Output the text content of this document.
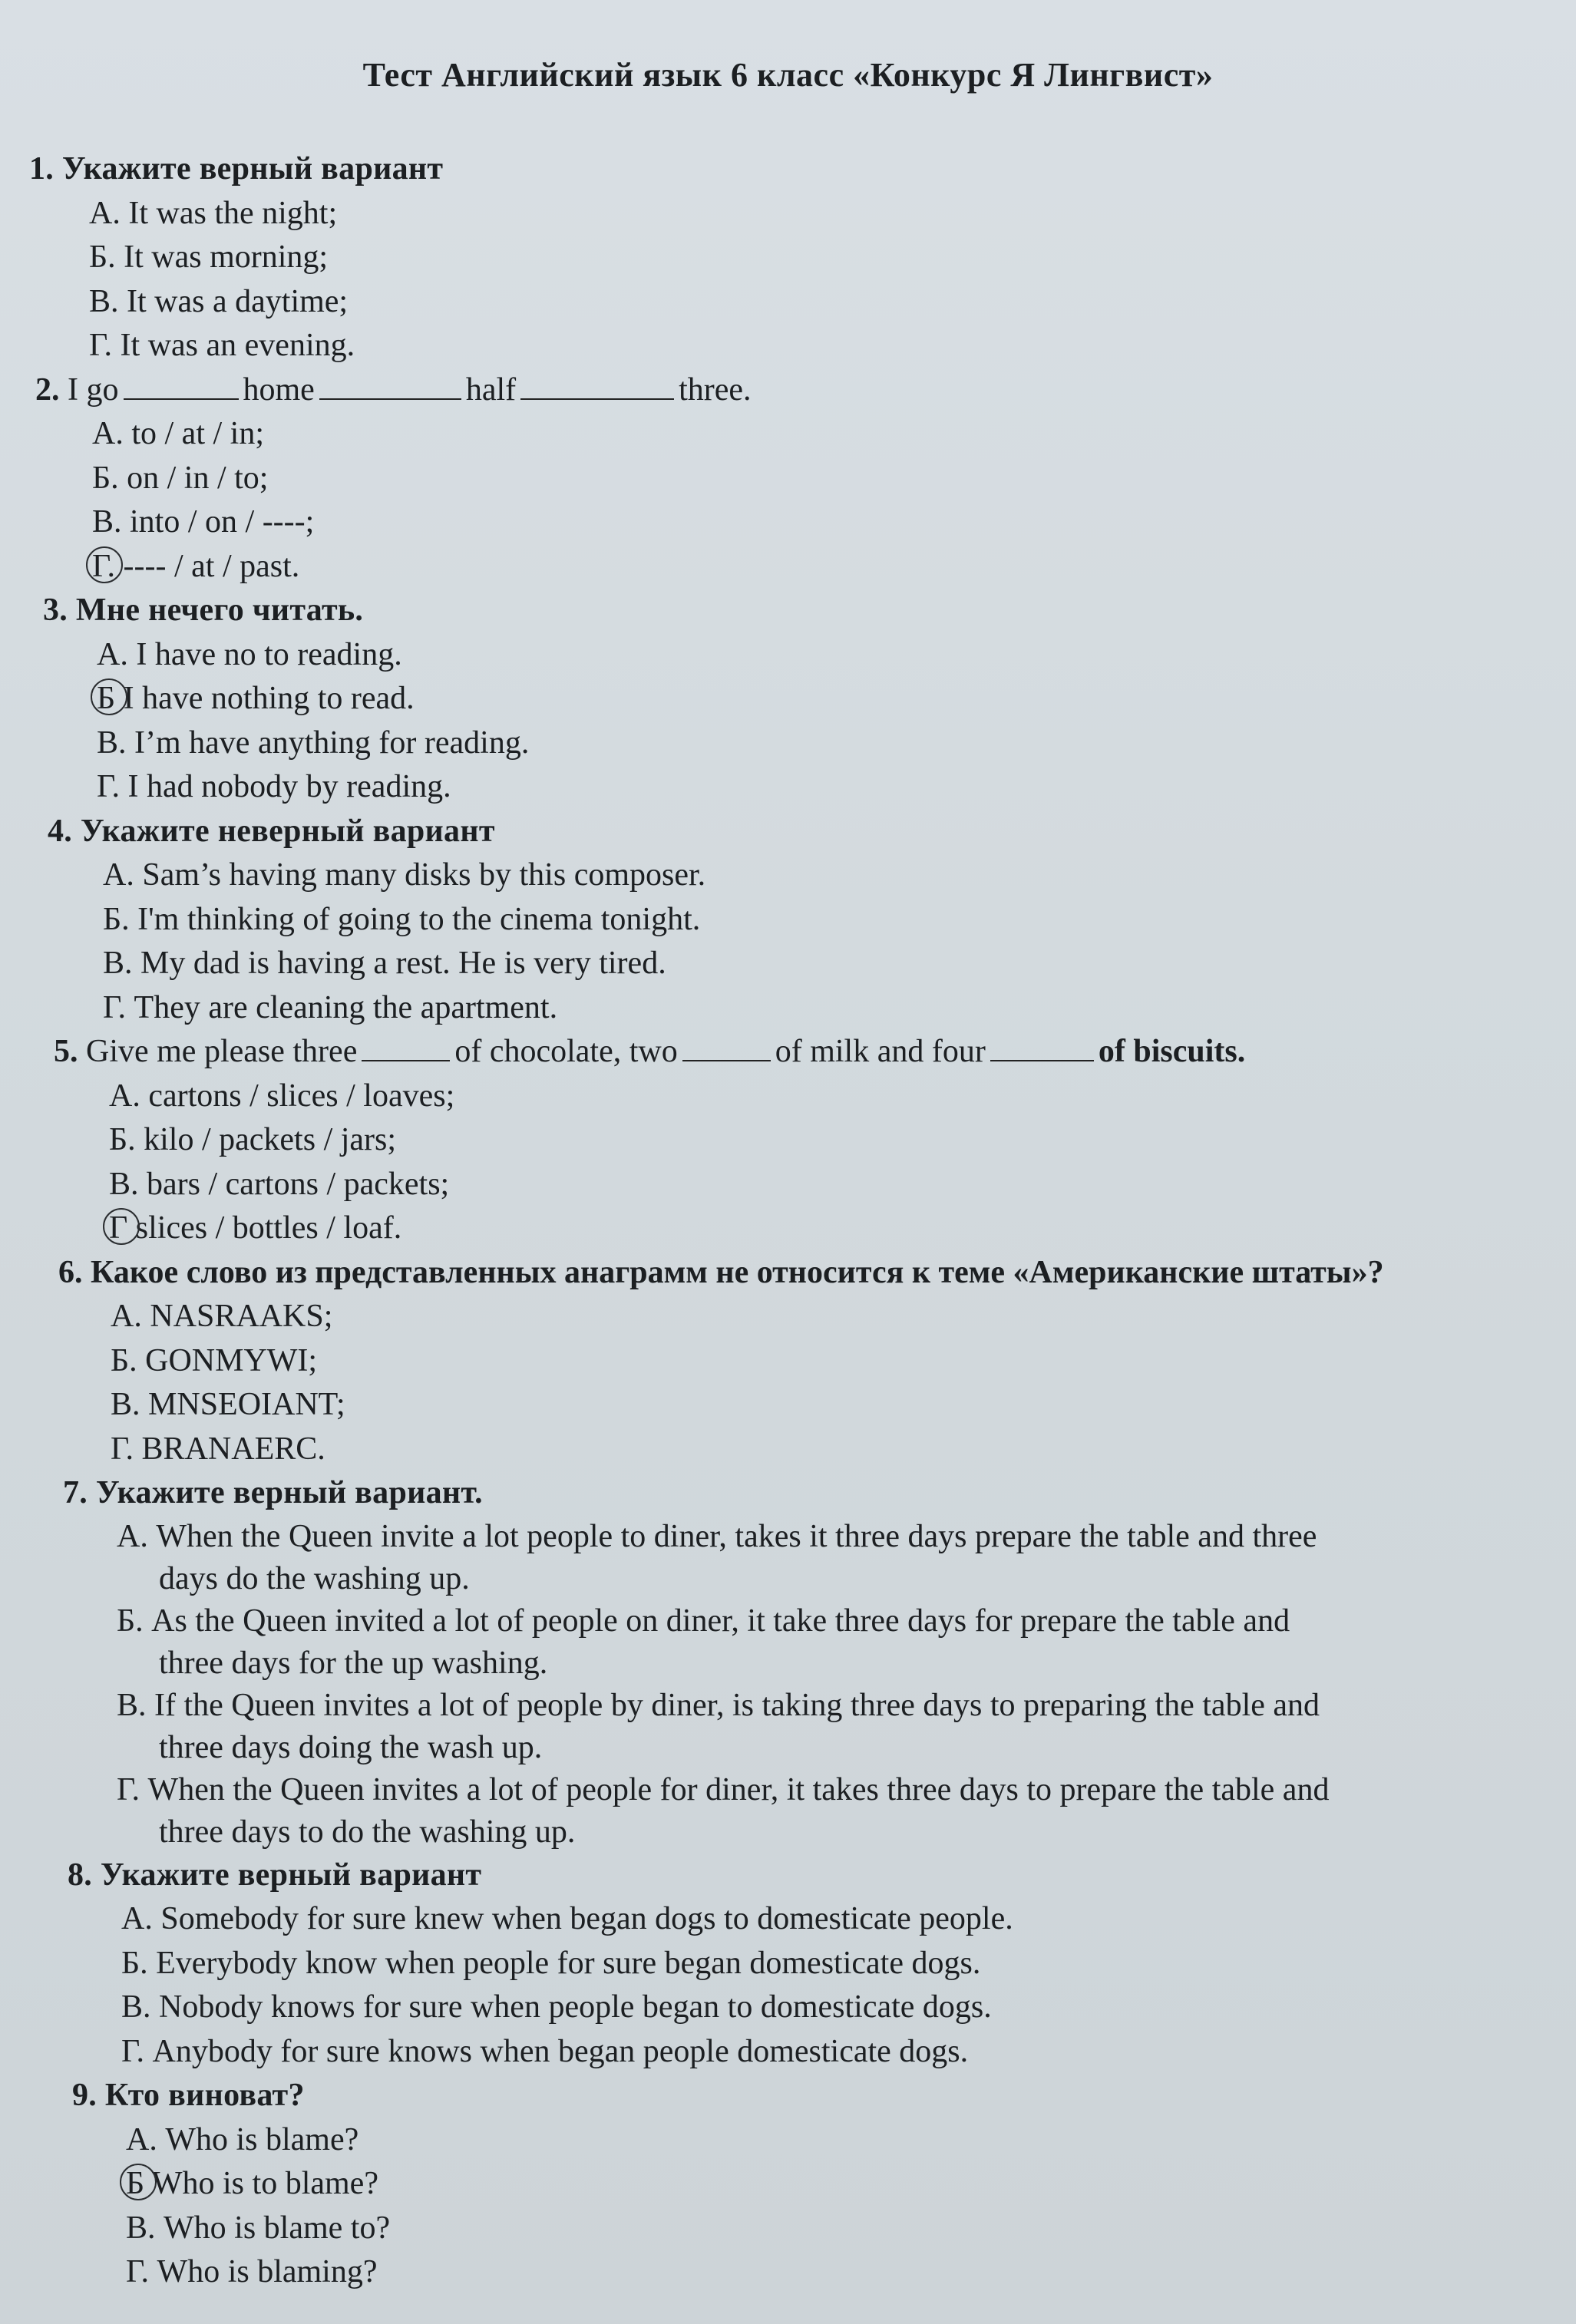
Тест Английский язык 6 класс «Конкурс Я Лингвист»
1. Укажите верный вариант
А. It was the night;
Б. It was morning;
В. It was a daytime;
Г. It was an evening.
2. I go	home	half	three.
А. to / at / in;
Б. on / in / to;
В. into / on / ----;
Г. ---- / at / past.
3. Мне нечего читать.
А. I have no to reading.
Б I have nothing to read.
В. I’m have anything for reading.
Г. I had nobody by reading.
4. Укажите неверный вариант
А. Sam’s having many disks by this composer.
Б. I'm thinking of going to the cinema tonight.
В. My dad is having a rest. He is very tired.
Г. They are cleaning the apartment.
5. Give me please three	of chocolate, two	of milk and four	of biscuits.
А. cartons / slices / loaves;
Б. kilo / packets / jars;
В. bars / cartons / packets;
Г slices / bottles / loaf.
6. Какое слово из представленных анаграмм не относится к теме «Американские штаты»?
А. NASRAAKS;
Б. GONMYWI;
В. MNSEOIANT;
Г. BRANAERC.
7. Укажите верный вариант.
А. When the Queen invite a lot people to diner, takes it three days prepare the table and three
days do the washing up.
Б. As the Queen invited a lot of people on diner, it take three days for prepare the table and
three days for the up washing.
В. If the Queen invites a lot of people by diner, is taking three days to preparing the table and
three days doing the wash up.
Г. When the Queen invites a lot of people for diner, it takes three days to prepare the table and
three days to do the washing up.
8. Укажите верный вариант
А. Somebody for sure knew when began dogs to domesticate people.
Б. Everybody know when people for sure began domesticate dogs.
В. Nobody knows for sure when people began to domesticate dogs.
Г. Anybody for sure knows when began people domesticate dogs.
9. Кто виноват?
А. Who is blame?
Б Who is to blame?
В. Who is blame to?
Г. Who is blaming?
